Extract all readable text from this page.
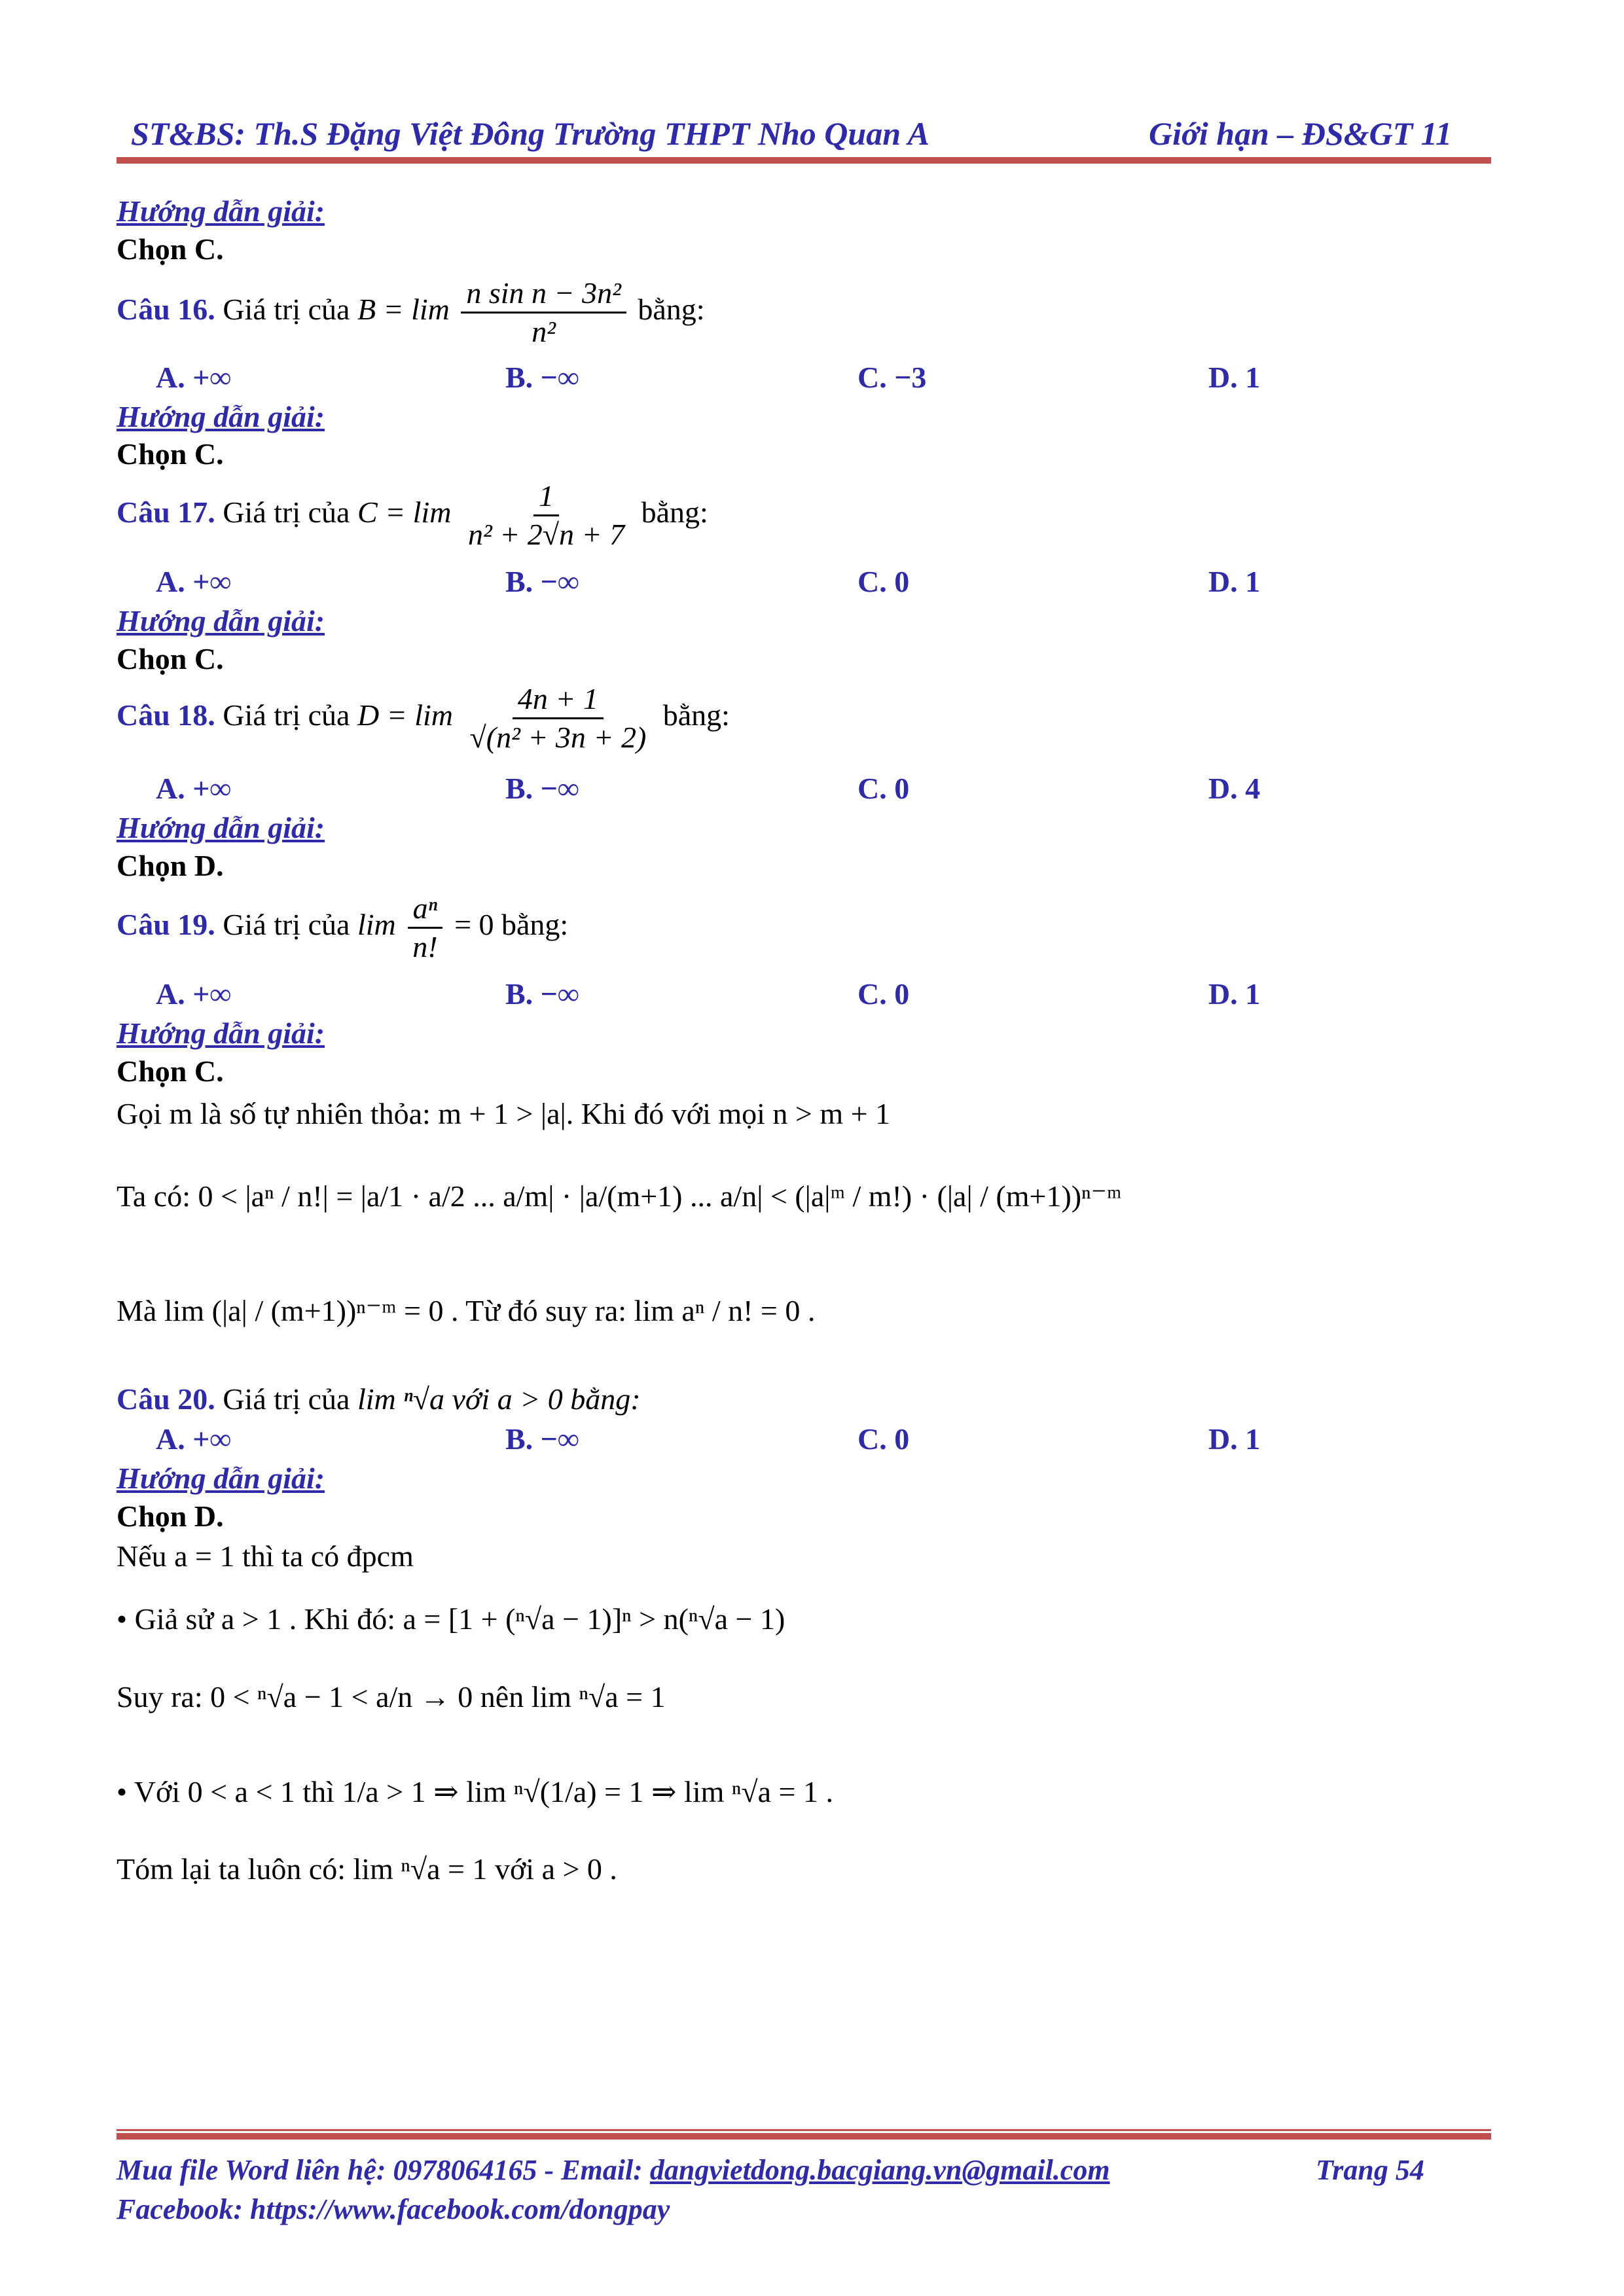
ST&BS: Th.S Đặng Việt Đông Trường THPT Nho Quan A	Giới hạn – ĐS&GT 11
Hướng dẫn giải:
Chọn C.
Câu 16. Giá trị của $B = \lim \frac{\text{n sin n − 3n²}}{\text{n²}}$ bằng:
A. +∞	B. −∞	C. −3	D. 1
Hướng dẫn giải:
Chọn C.
Câu 17. Giá trị của $C = \lim \frac{1}{\text{n² + 2√n + 7}}$ bằng:
A. +∞	B. −∞	C. 0	D. 1
Hướng dẫn giải:
Chọn C.
Câu 18. Giá trị của $D = \lim \frac{4n + 1}{\text{√(n² + 3n + 2)}}$ bằng:
A. +∞	B. −∞	C. 0	D. 4
Hướng dẫn giải:
Chọn D.
Câu 19. Giá trị của $\lim \frac{\text{aⁿ}}{n!} = 0$ bằng:
A. +∞	B. −∞	C. 0	D. 1
Hướng dẫn giải:
Chọn C.
Gọi m là số tự nhiên thỏa: m + 1 > |a|. Khi đó với mọi n > m + 1
Ta có: 0 < |aⁿ / n!| = |a/1 · a/2 ... a/m| · |a/(m+1) ... a/n| < (|a|ᵐ / m!) · (|a| / (m+1))ⁿ⁻ᵐ
Mà lim (|a| / (m+1))ⁿ⁻ᵐ = 0 . Từ đó suy ra: lim aⁿ / n! = 0 .
Câu 20. Giá trị của lim ⁿ√a với a > 0 bằng:
A. +∞	B. −∞	C. 0	D. 1
Hướng dẫn giải:
Chọn D.
Nếu a = 1 thì ta có đpcm
• Giả sử a > 1 . Khi đó: a = [1 + (ⁿ√a − 1)]ⁿ > n(ⁿ√a − 1)
Suy ra: 0 < ⁿ√a − 1 < a/n → 0 nên lim ⁿ√a = 1
• Với 0 < a < 1 thì 1/a > 1 ⇒ lim ⁿ√(1/a) = 1 ⇒ lim ⁿ√a = 1 .
Tóm lại ta luôn có: lim ⁿ√a = 1 với a > 0 .
Mua file Word liên hệ: 0978064165 - Email: dangvietdong.bacgiang.vn@gmail.com	Trang 54
Facebook: https://www.facebook.com/dongpay
